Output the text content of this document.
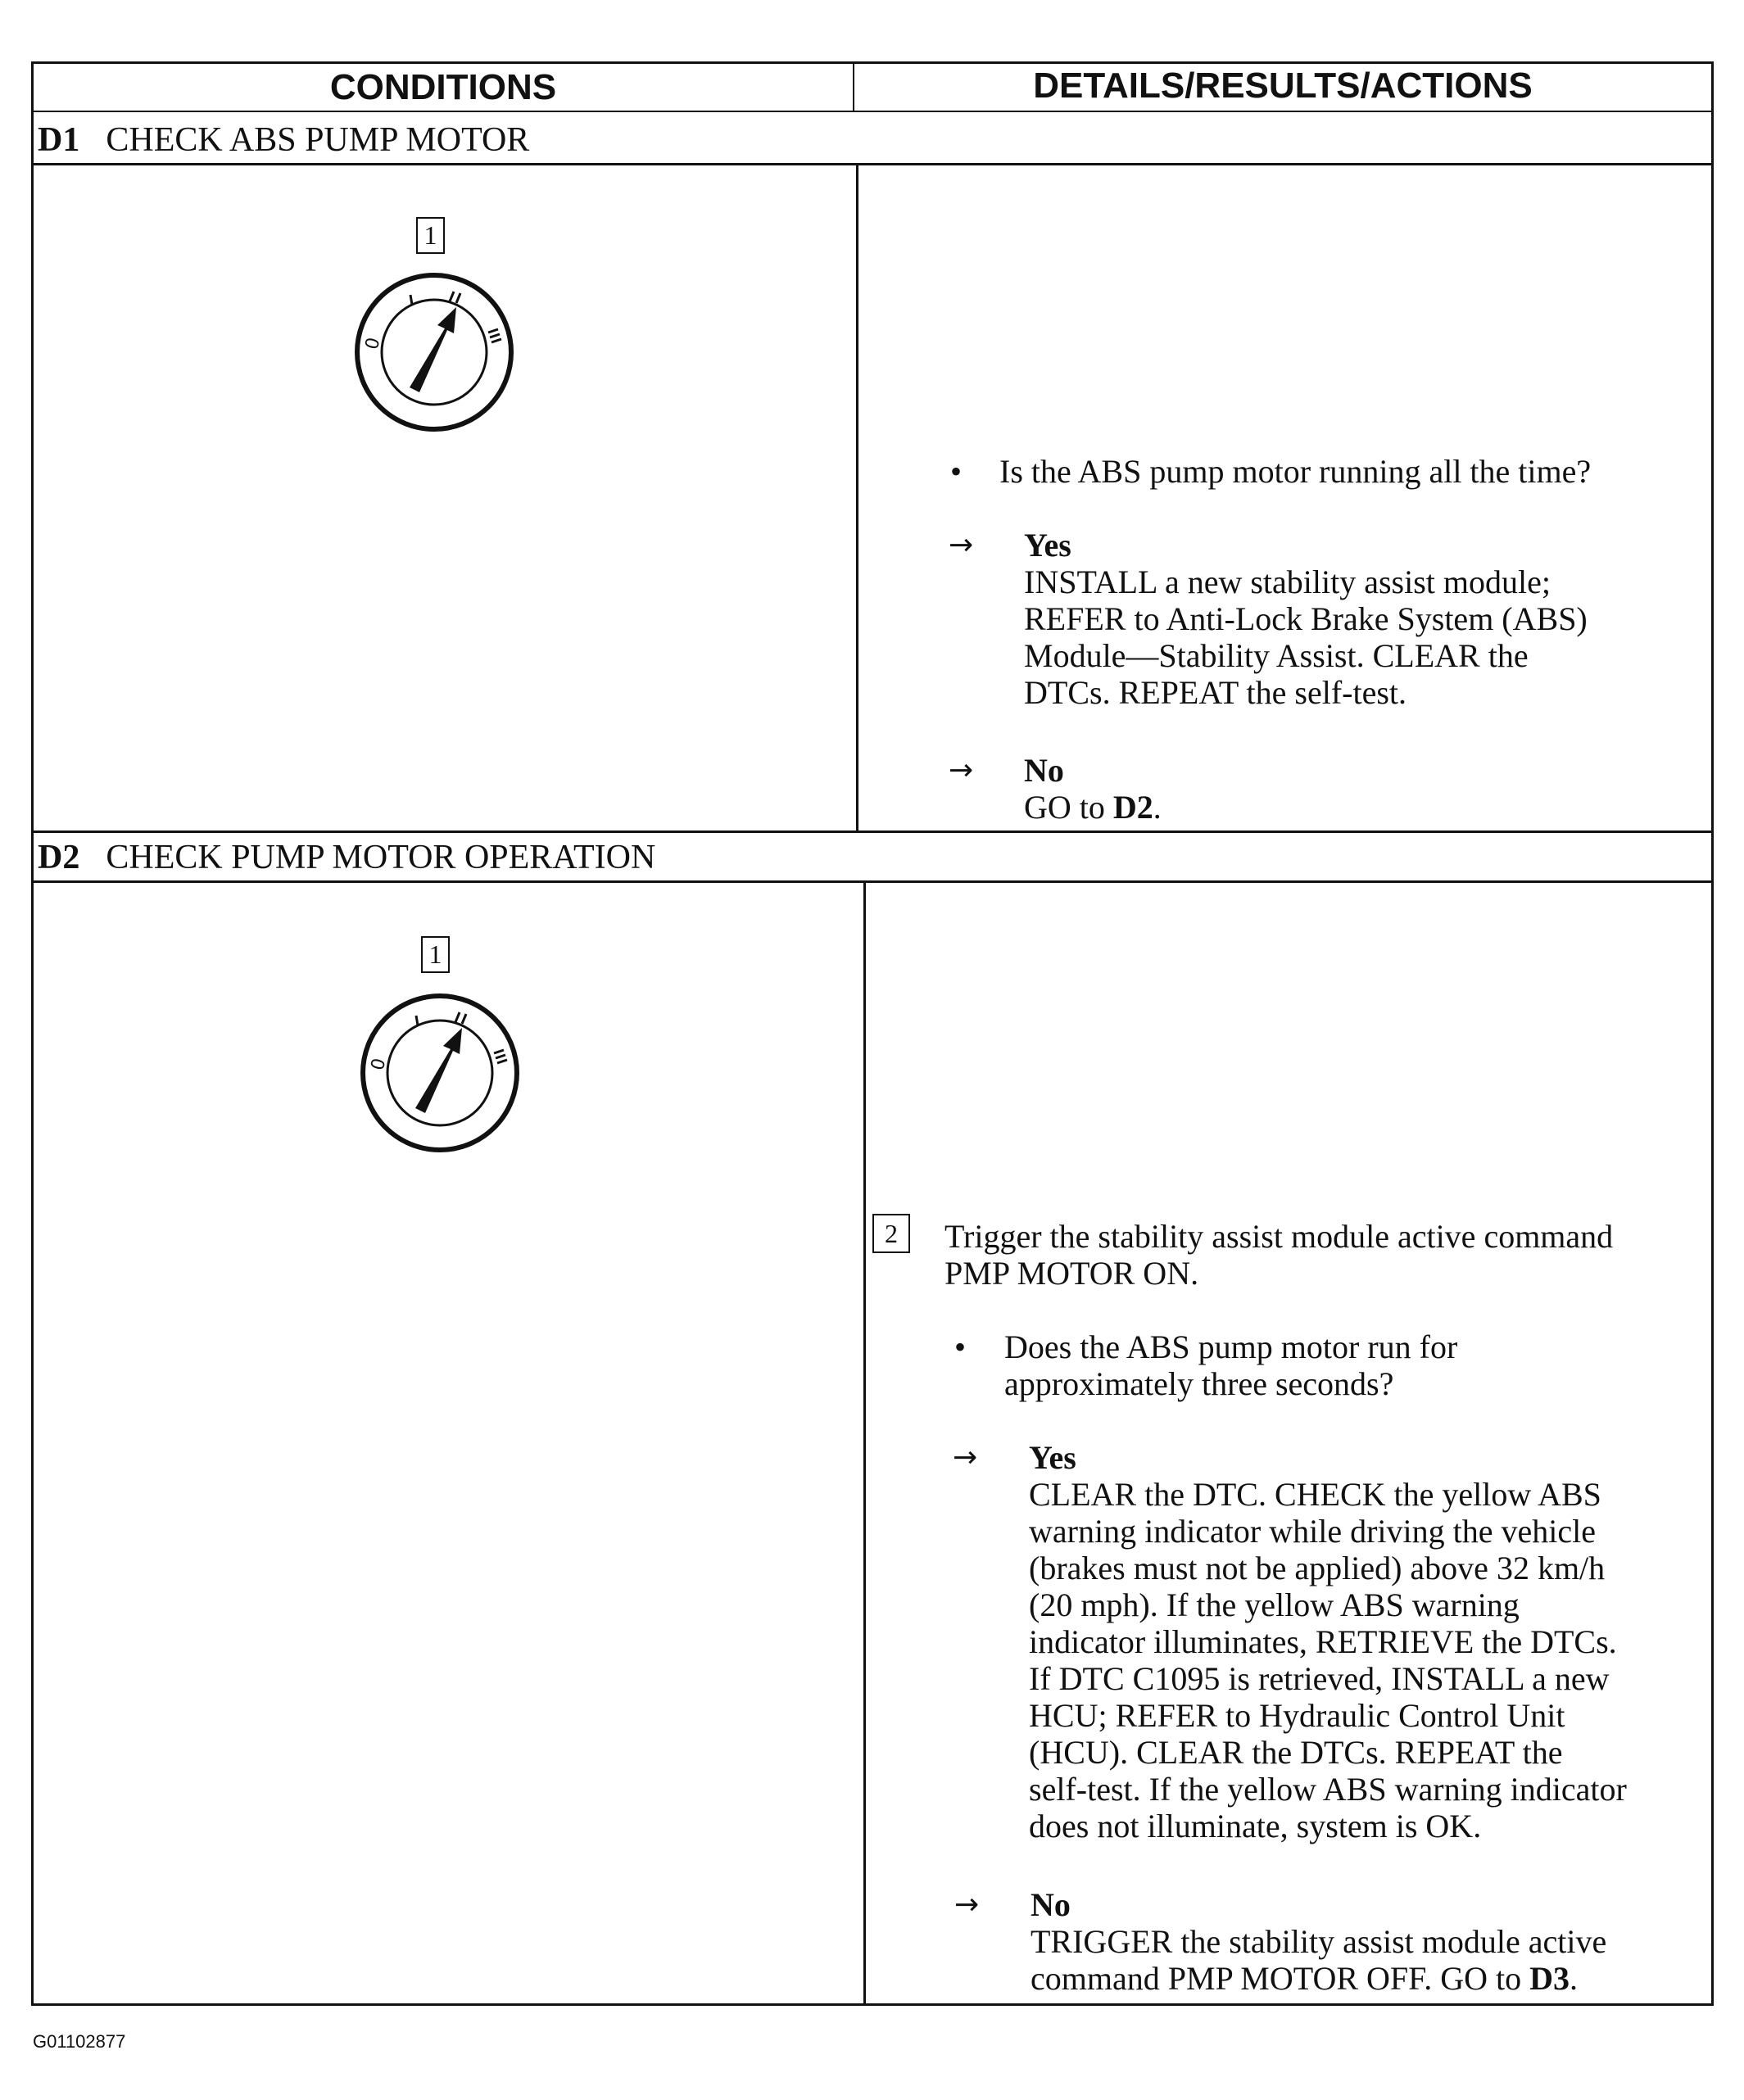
CONDITIONS	DETAILS/RESULTS/ACTIONS
D1 CHECK ABS PUMP MOTOR
1
0
• Is the ABS pump motor running all the time?
→ Yes
INSTALL a new stability assist module;
REFER to Anti-Lock Brake System (ABS)
Module—Stability Assist. CLEAR the
DTCs. REPEAT the self-test.
→ No
GO to D2.
D2 CHECK PUMP MOTOR OPERATION
1
0
2	Trigger the stability assist module active command
PMP MOTOR ON.
• Does the ABS pump motor run for
approximately three seconds?
→ Yes
CLEAR the DTC. CHECK the yellow ABS
warning indicator while driving the vehicle
(brakes must not be applied) above 32 km/h
(20 mph). If the yellow ABS warning
indicator illuminates, RETRIEVE the DTCs.
If DTC C1095 is retrieved, INSTALL a new
HCU; REFER to Hydraulic Control Unit
(HCU). CLEAR the DTCs. REPEAT the
self-test. If the yellow ABS warning indicator
does not illuminate, system is OK.
→ No
TRIGGER the stability assist module active
command PMP MOTOR OFF. GO to D3.
G01102877
